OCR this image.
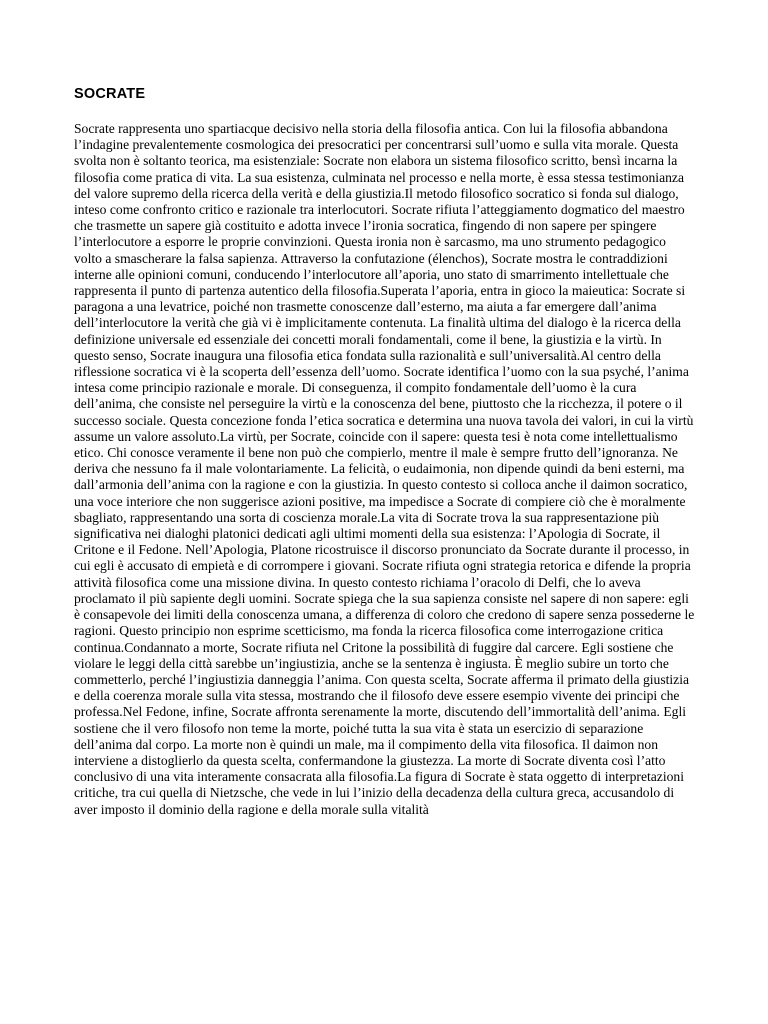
SOCRATE

Socrate rappresenta uno spartiacque decisivo nella storia della filosofia antica. Con lui la filosofia abbandona l’indagine prevalentemente cosmologica dei presocratici per concentrarsi sull’uomo e sulla vita morale. Questa svolta non è soltanto teorica, ma esistenziale: Socrate non elabora un sistema filosofico scritto, bensì incarna la filosofia come pratica di vita. La sua esistenza, culminata nel processo e nella morte, è essa stessa testimonianza del valore supremo della ricerca della verità e della giustizia.Il metodo filosofico socratico si fonda sul dialogo, inteso come confronto critico e razionale tra interlocutori. Socrate rifiuta l’atteggiamento dogmatico del maestro che trasmette un sapere già costituito e adotta invece l’ironia socratica, fingendo di non sapere per spingere l’interlocutore a esporre le proprie convinzioni. Questa ironia non è sarcasmo, ma uno strumento pedagogico volto a smascherare la falsa sapienza. Attraverso la confutazione (élenchos), Socrate mostra le contraddizioni interne alle opinioni comuni, conducendo l’interlocutore all’aporia, uno stato di smarrimento intellettuale che rappresenta il punto di partenza autentico della filosofia.Superata l’aporia, entra in gioco la maieutica: Socrate si paragona a una levatrice, poiché non trasmette conoscenze dall’esterno, ma aiuta a far emergere dall’anima dell’interlocutore la verità che già vi è implicitamente contenuta. La finalità ultima del dialogo è la ricerca della definizione universale ed essenziale dei concetti morali fondamentali, come il bene, la giustizia e la virtù. In questo senso, Socrate inaugura una filosofia etica fondata sulla razionalità e sull’universalità.Al centro della riflessione socratica vi è la scoperta dell’essenza dell’uomo. Socrate identifica l’uomo con la sua psyché, l’anima intesa come principio razionale e morale. Di conseguenza, il compito fondamentale dell’uomo è la cura dell’anima, che consiste nel perseguire la virtù e la conoscenza del bene, piuttosto che la ricchezza, il potere o il successo sociale. Questa concezione fonda l’etica socratica e determina una nuova tavola dei valori, in cui la virtù assume un valore assoluto.La virtù, per Socrate, coincide con il sapere: questa tesi è nota come intellettualismo etico. Chi conosce veramente il bene non può che compierlo, mentre il male è sempre frutto dell’ignoranza. Ne deriva che nessuno fa il male volontariamente. La felicità, o eudaimonia, non dipende quindi da beni esterni, ma dall’armonia dell’anima con la ragione e con la giustizia. In questo contesto si colloca anche il daimon socratico, una voce interiore che non suggerisce azioni positive, ma impedisce a Socrate di compiere ciò che è moralmente sbagliato, rappresentando una sorta di coscienza morale.La vita di Socrate trova la sua rappresentazione più significativa nei dialoghi platonici dedicati agli ultimi momenti della sua esistenza: l’Apologia di Socrate, il Critone e il Fedone. Nell’Apologia, Platone ricostruisce il discorso pronunciato da Socrate durante il processo, in cui egli è accusato di empietà e di corrompere i giovani. Socrate rifiuta ogni strategia retorica e difende la propria attività filosofica come una missione divina. In questo contesto richiama l’oracolo di Delfi, che lo aveva proclamato il più sapiente degli uomini. Socrate spiega che la sua sapienza consiste nel sapere di non sapere: egli è consapevole dei limiti della conoscenza umana, a differenza di coloro che credono di sapere senza possederne le ragioni. Questo principio non esprime scetticismo, ma fonda la ricerca filosofica come interrogazione critica continua.Condannato a morte, Socrate rifiuta nel Critone la possibilità di fuggire dal carcere. Egli sostiene che violare le leggi della città sarebbe un’ingiustizia, anche se la sentenza è ingiusta. È meglio subire un torto che commetterlo, perché l’ingiustizia danneggia l’anima. Con questa scelta, Socrate afferma il primato della giustizia e della coerenza morale sulla vita stessa, mostrando che il filosofo deve essere esempio vivente dei principi che professa.Nel Fedone, infine, Socrate affronta serenamente la morte, discutendo dell’immortalità dell’anima. Egli sostiene che il vero filosofo non teme la morte, poiché tutta la sua vita è stata un esercizio di separazione dell’anima dal corpo. La morte non è quindi un male, ma il compimento della vita filosofica. Il daimon non interviene a distoglierlo da questa scelta, confermandone la giustezza. La morte di Socrate diventa così l’atto conclusivo di una vita interamente consacrata alla filosofia.La figura di Socrate è stata oggetto di interpretazioni critiche, tra cui quella di Nietzsche, che vede in lui l’inizio della decadenza della cultura greca, accusandolo di aver imposto il dominio della ragione e della morale sulla vitalità
